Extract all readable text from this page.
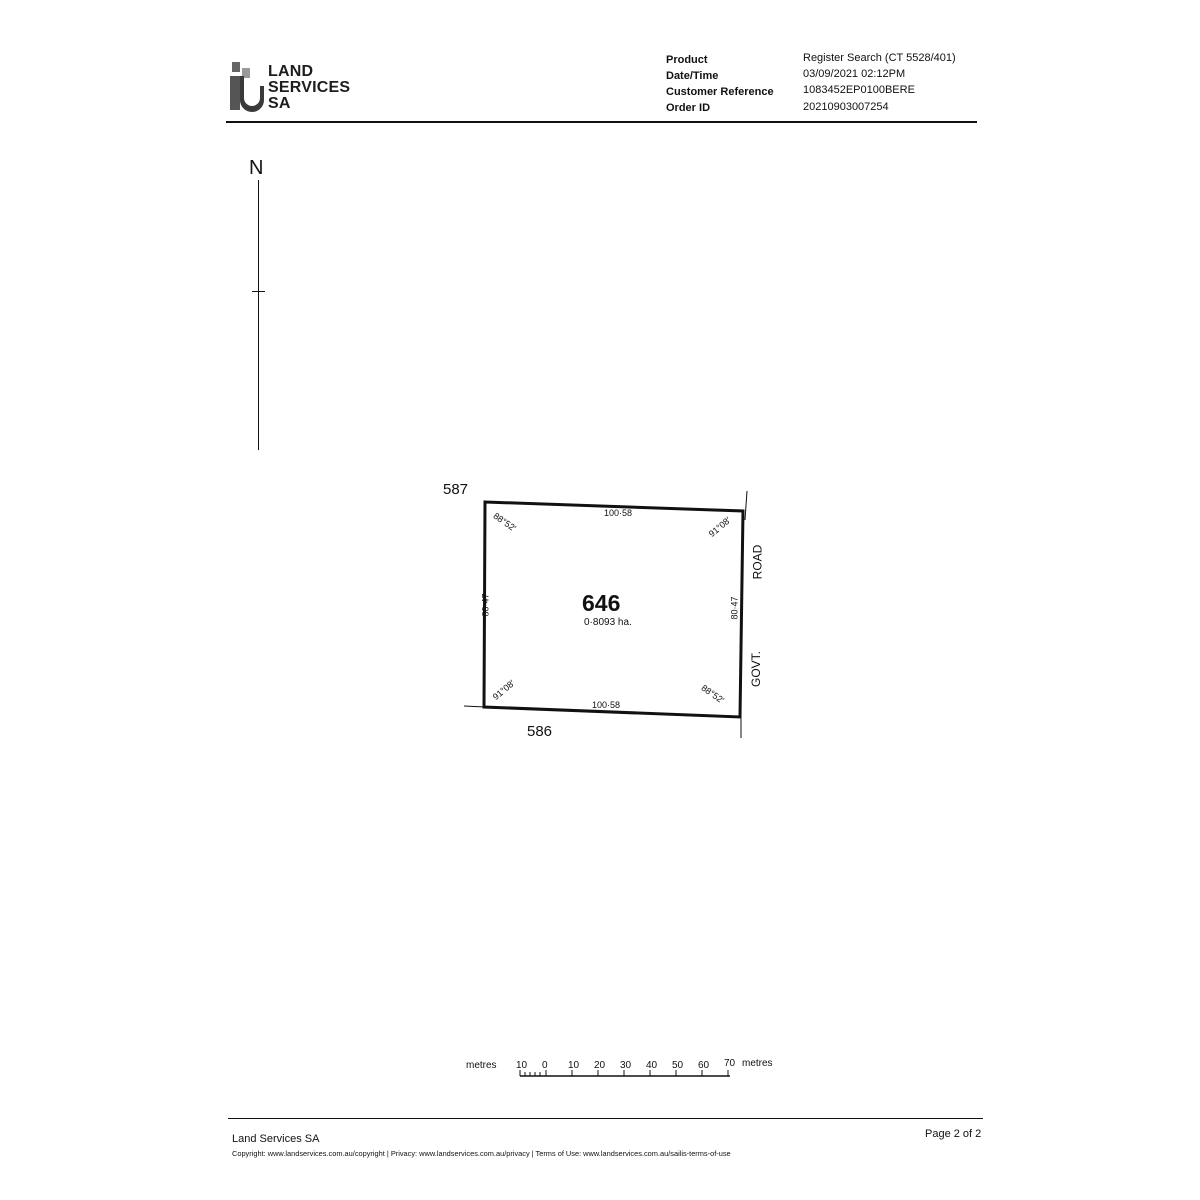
LAND
SERVICES
SA
Product	Register Search (CT 5528/401)
Date/Time	03/09/2021 02:12PM
Customer Reference	1083452EP0100BERE
Order ID	20210903007254
N
587
586
646
0·8093 ha.
100·58
100·58
80·47	80·47
88°52′	91°08′
91°08′	88°52′
ROAD
GOVT.
metres	metres
10 0 10 20 30 40 50 60 70
Land Services SA	Page 2 of 2
Copyright: www.landservices.com.au/copyright | Privacy: www.landservices.com.au/privacy | Terms of Use: www.landservices.com.au/sailis-terms-of-use
